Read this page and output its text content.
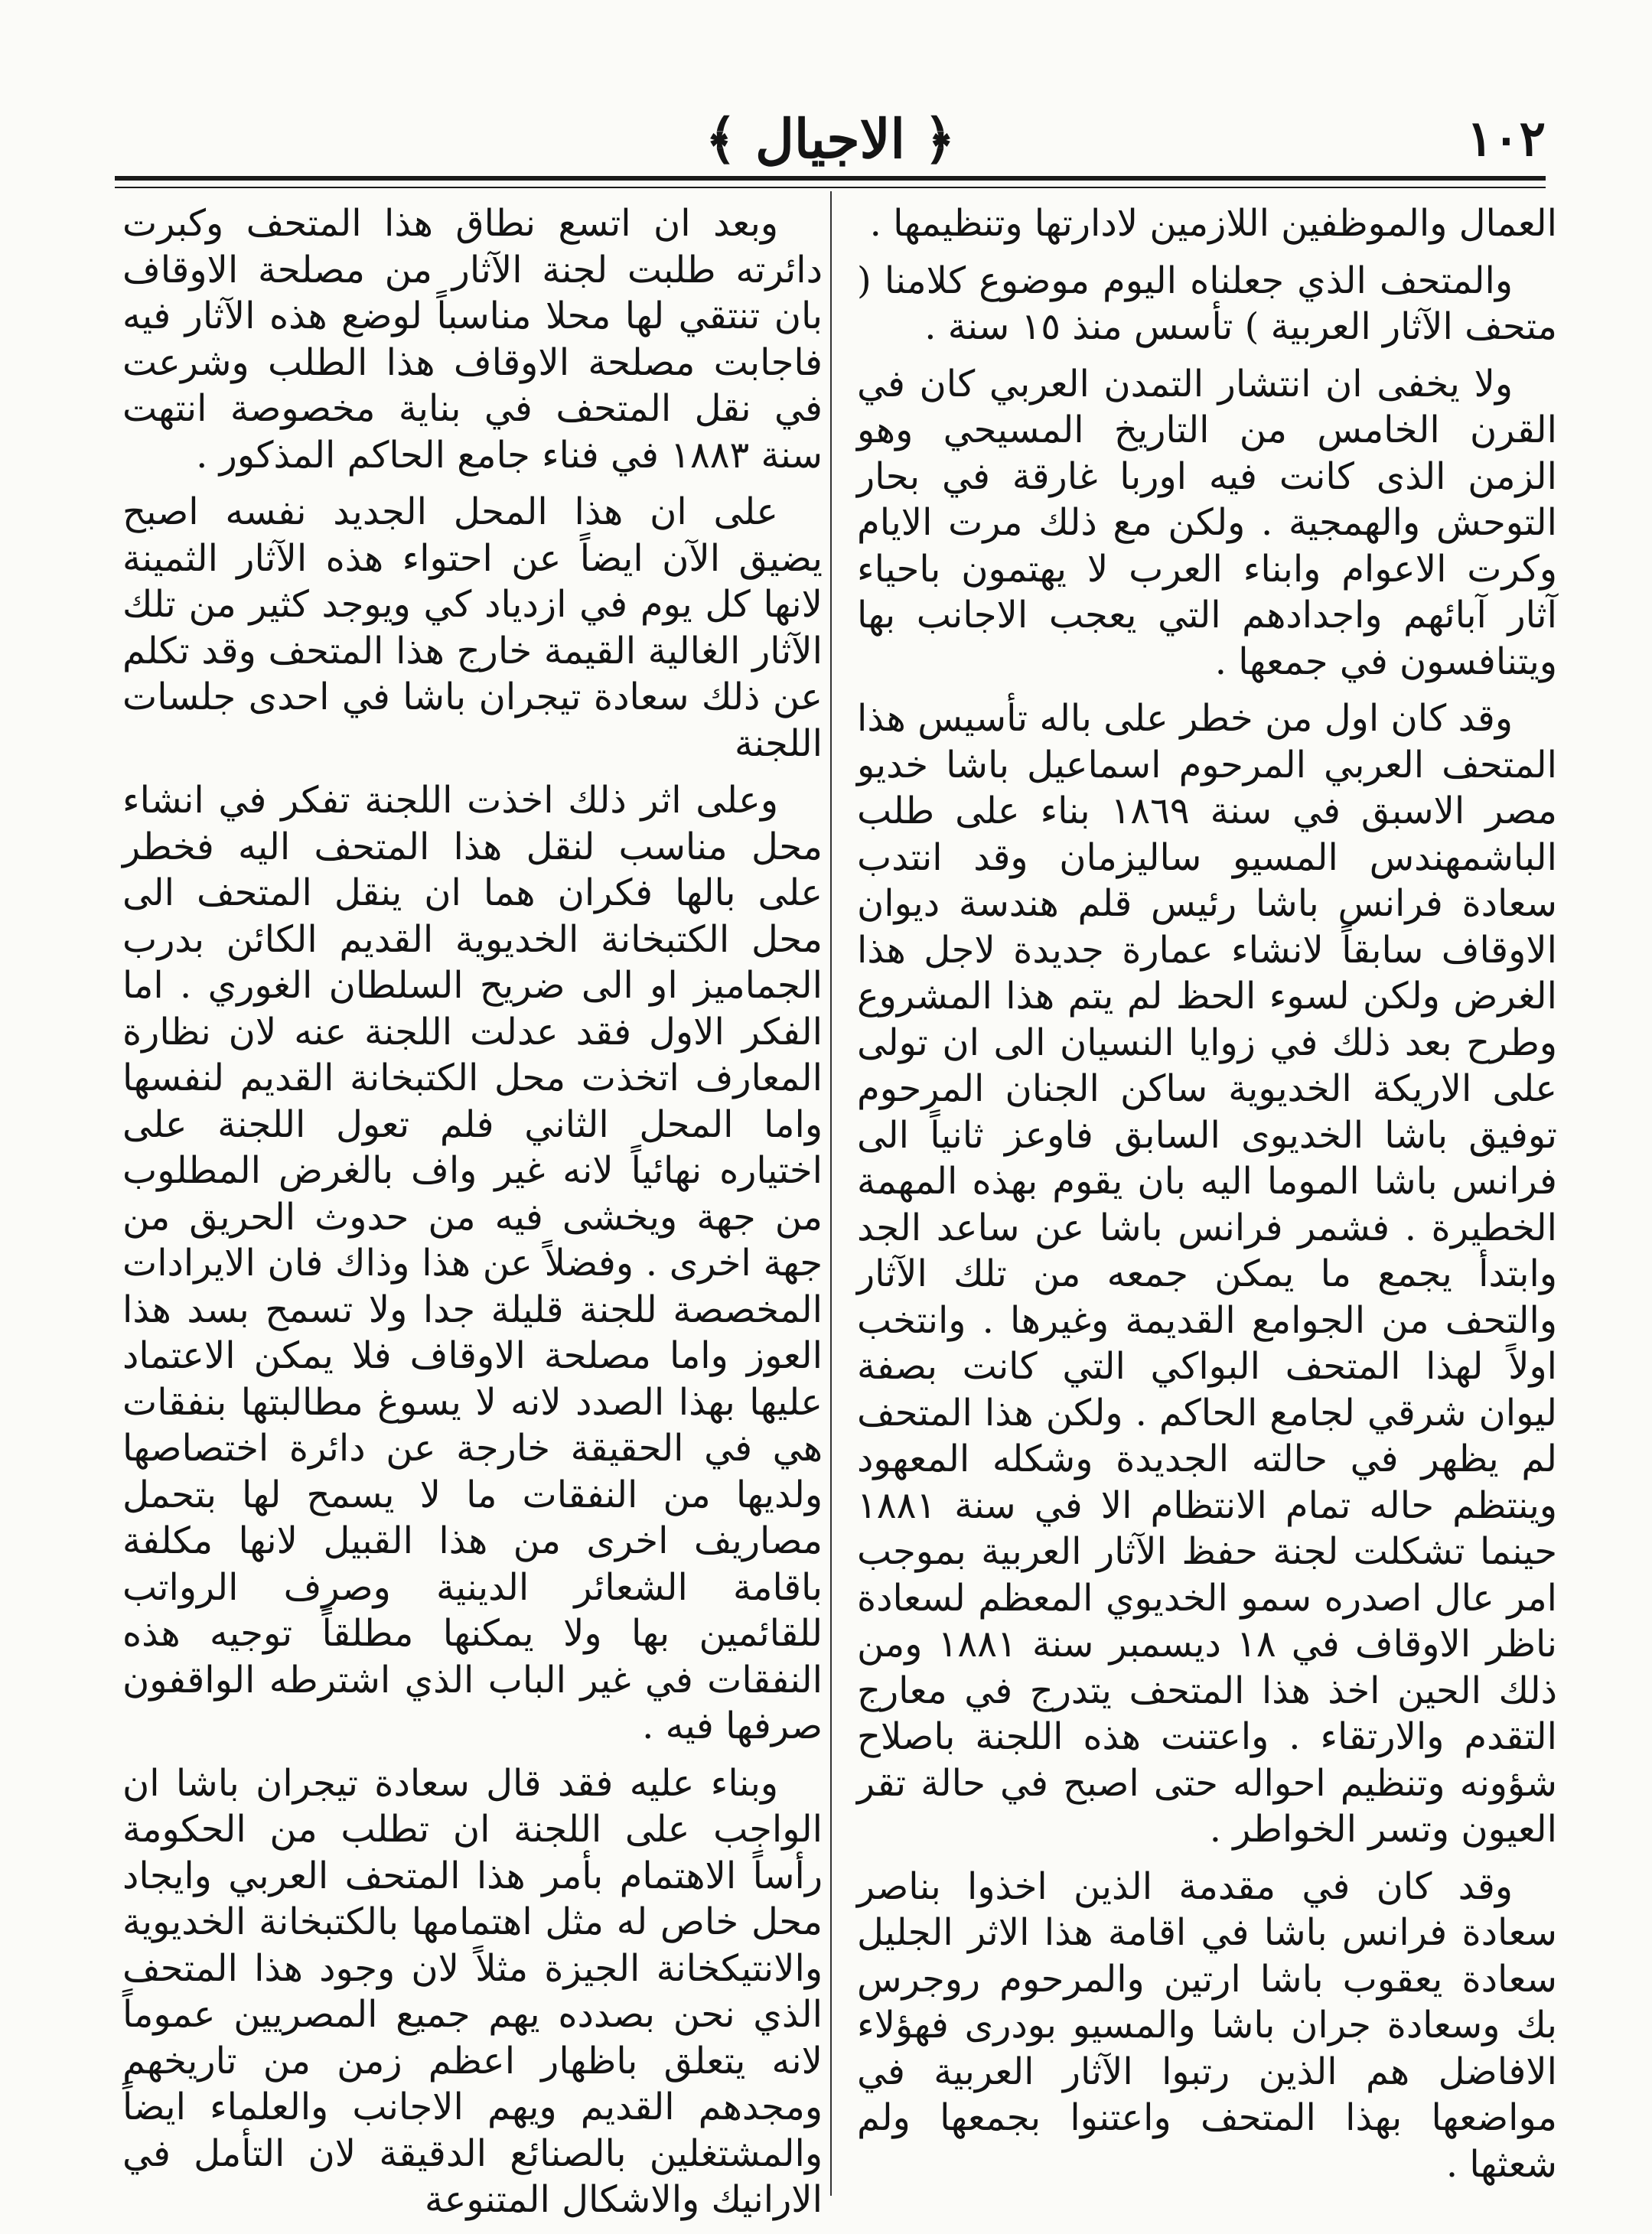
١٠٢
﴿ الاجيال ﴾

العمال والموظفين اللازمين لادارتها وتنظيمها .

والمتحف الذي جعلناه اليوم موضوع كلامنا ( متحف الآثار العربية ) تأسس منذ ١٥ سنة .

ولا يخفى ان انتشار التمدن العربي كان في القرن الخامس من التاريخ المسيحي وهو الزمن الذى كانت فيه اوربا غارقة في بحار التوحش والهمجية . ولكن مع ذلك مرت الايام وكرت الاعوام وابناء العرب لا يهتمون باحياء آثار آبائهم واجدادهم التي يعجب الاجانب بها ويتنافسون في جمعها .

وقد كان اول من خطر على باله تأسيس هذا المتحف العربي المرحوم اسماعيل باشا خديو مصر الاسبق في سنة ١٨٦٩ بناء على طلب الباشمهندس المسيو ساليزمان وقد انتدب سعادة فرانس باشا رئيس قلم هندسة ديوان الاوقاف سابقاً لانشاء عمارة جديدة لاجل هذا الغرض ولكن لسوء الحظ لم يتم هذا المشروع وطرح بعد ذلك في زوايا النسيان الى ان تولى على الاريكة الخديوية ساكن الجنان المرحوم توفيق باشا الخديوى السابق فاوعز ثانياً الى فرانس باشا الموما اليه بان يقوم بهذه المهمة الخطيرة . فشمر فرانس باشا عن ساعد الجد وابتدأ يجمع ما يمكن جمعه من تلك الآثار والتحف من الجوامع القديمة وغيرها . وانتخب اولاً لهذا المتحف البواكي التي كانت بصفة ليوان شرقي لجامع الحاكم . ولكن هذا المتحف لم يظهر في حالته الجديدة وشكله المعهود وينتظم حاله تمام الانتظام الا في سنة ١٨٨١ حينما تشكلت لجنة حفظ الآثار العربية بموجب امر عال اصدره سمو الخديوي المعظم لسعادة ناظر الاوقاف في ١٨ ديسمبر سنة ١٨٨١ ومن ذلك الحين اخذ هذا المتحف يتدرج في معارج التقدم والارتقاء . واعتنت هذه اللجنة باصلاح شؤونه وتنظيم احواله حتى اصبح في حالة تقر العيون وتسر الخواطر .

وقد كان في مقدمة الذين اخذوا بناصر سعادة فرانس باشا في اقامة هذا الاثر الجليل سعادة يعقوب باشا ارتين والمرحوم روجرس بك وسعادة جران باشا والمسيو بودرى فهؤلاء الافاضل هم الذين رتبوا الآثار العربية في مواضعها بهذا المتحف واعتنوا بجمعها ولم شعثها .

وبعد ان اتسع نطاق هذا المتحف وكبرت دائرته طلبت لجنة الآثار من مصلحة الاوقاف بان تنتقي لها محلا مناسباً لوضع هذه الآثار فيه فاجابت مصلحة الاوقاف هذا الطلب وشرعت في نقل المتحف في بناية مخصوصة انتهت سنة ١٨٨٣ في فناء جامع الحاكم المذكور .

على ان هذا المحل الجديد نفسه اصبح يضيق الآن ايضاً عن احتواء هذه الآثار الثمينة لانها كل يوم في ازدياد كي ويوجد كثير من تلك الآثار الغالية القيمة خارج هذا المتحف وقد تكلم عن ذلك سعادة تيجران باشا في احدى جلسات اللجنة

وعلى اثر ذلك اخذت اللجنة تفكر في انشاء محل مناسب لنقل هذا المتحف اليه فخطر على بالها فكران هما ان ينقل المتحف الى محل الكتبخانة الخديوية القديم الكائن بدرب الجماميز او الى ضريح السلطان الغوري . اما الفكر الاول فقد عدلت اللجنة عنه لان نظارة المعارف اتخذت محل الكتبخانة القديم لنفسها واما المحل الثاني فلم تعول اللجنة على اختياره نهائياً لانه غير واف بالغرض المطلوب من جهة ويخشى فيه من حدوث الحريق من جهة اخرى . وفضلاً عن هذا وذاك فان الايرادات المخصصة للجنة قليلة جدا ولا تسمح بسد هذا العوز واما مصلحة الاوقاف فلا يمكن الاعتماد عليها بهذا الصدد لانه لا يسوغ مطالبتها بنفقات هي في الحقيقة خارجة عن دائرة اختصاصها ولديها من النفقات ما لا يسمح لها بتحمل مصاريف اخرى من هذا القبيل لانها مكلفة باقامة الشعائر الدينية وصرف الرواتب للقائمين بها ولا يمكنها مطلقاً توجيه هذه النفقات في غير الباب الذي اشترطه الواقفون صرفها فيه .

وبناء عليه فقد قال سعادة تيجران باشا ان الواجب على اللجنة ان تطلب من الحكومة رأساً الاهتمام بأمر هذا المتحف العربي وايجاد محل خاص له مثل اهتمامها بالكتبخانة الخديوية والانتيكخانة الجيزة مثلاً لان وجود هذا المتحف الذي نحن بصدده يهم جميع المصريين عموماً لانه يتعلق باظهار اعظم زمن من تاريخهم ومجدهم القديم ويهم الاجانب والعلماء ايضاً والمشتغلين بالصنائع الدقيقة لان التأمل في الارانيك والاشكال المتنوعة
